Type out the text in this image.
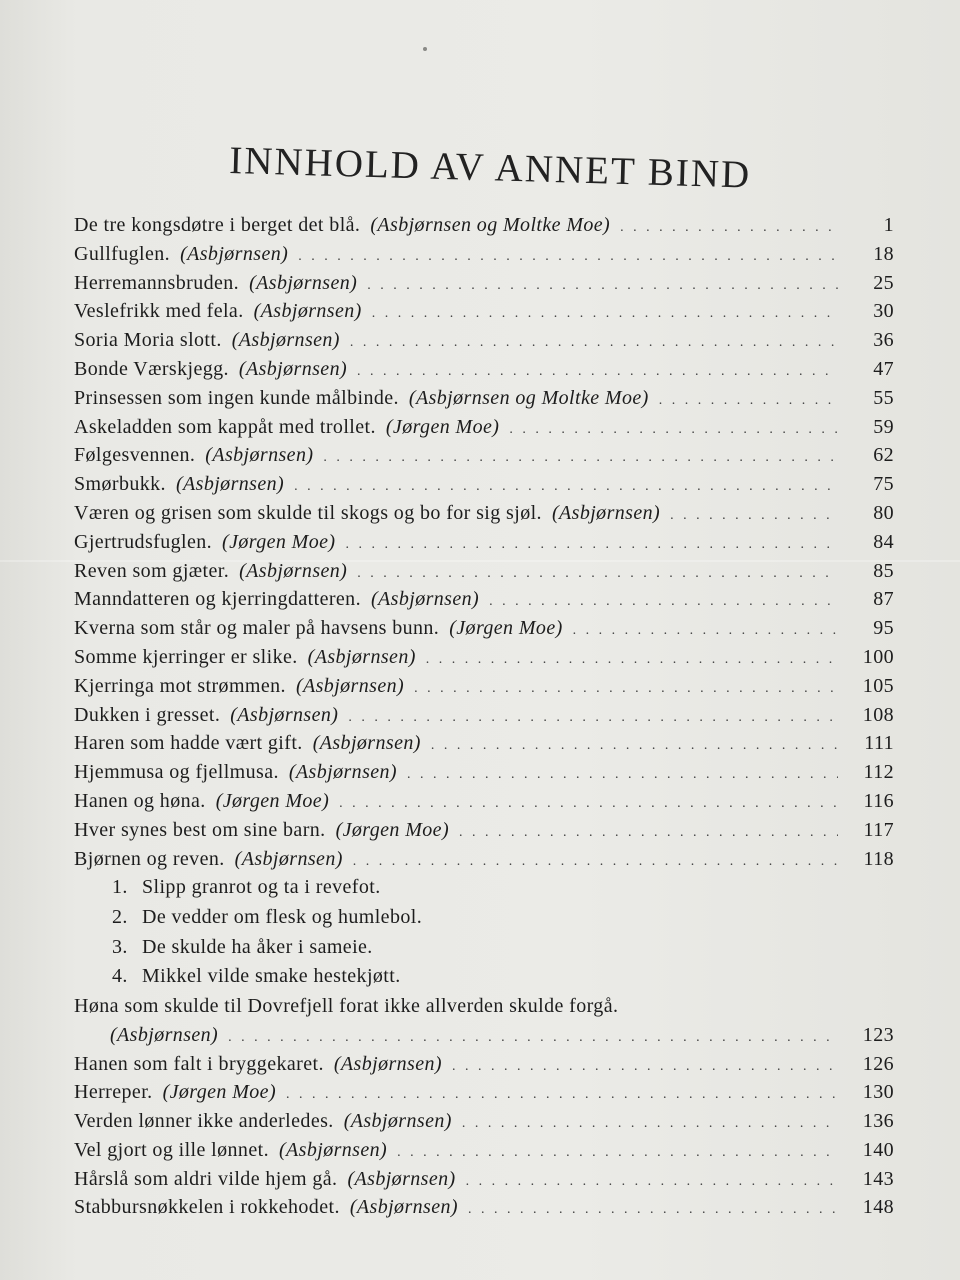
INNHOLD AV ANNET BIND
De tre kongsdøtre i berget det blå. (Asbjørnsen og Moltke Moe) . . .	1
Gullfuglen. (Asbjørnsen) . . .	18
Herremannsbruden. (Asbjørnsen) . . .	25
Veslefrikk med fela. (Asbjørnsen) . . .	30
Soria Moria slott. (Asbjørnsen) . . .	36
Bonde Værskjegg. (Asbjørnsen) . . .	47
Prinsessen som ingen kunde målbinde. (Asbjørnsen og Moltke Moe) . . .	55
Askeladden som kappåt med trollet. (Jørgen Moe) . . .	59
Følgesvennen. (Asbjørnsen) . . .	62
Smørbukk. (Asbjørnsen) . . .	75
Væren og grisen som skulde til skogs og bo for sig sjøl. (Asbjørnsen) . . .	80
Gjertrudsfuglen. (Jørgen Moe) . . .	84
Reven som gjæter. (Asbjørnsen) . . .	85
Manndatteren og kjerringdatteren. (Asbjørnsen) . . .	87
Kverna som står og maler på havsens bunn. (Jørgen Moe) . . .	95
Somme kjerringer er slike. (Asbjørnsen) . . .	100
Kjerringa mot strømmen. (Asbjørnsen) . . .	105
Dukken i gresset. (Asbjørnsen) . . .	108
Haren som hadde vært gift. (Asbjørnsen) . . .	111
Hjemmusa og fjellmusa. (Asbjørnsen) . . .	112
Hanen og høna. (Jørgen Moe) . . .	116
Hver synes best om sine barn. (Jørgen Moe) . . .	117
Bjørnen og reven. (Asbjørnsen) . . .	118
1. Slipp granrot og ta i revefot.
2. De vedder om flesk og humlebol.
3. De skulde ha åker i sameie.
4. Mikkel vilde smake hestekjøtt.
Høna som skulde til Dovrefjell forat ikke allverden skulde forgå.
(Asbjørnsen) . . .	123
Hanen som falt i bryggekaret. (Asbjørnsen) . . .	126
Herreper. (Jørgen Moe) . . .	130
Verden lønner ikke anderledes. (Asbjørnsen) . . .	136
Vel gjort og ille lønnet. (Asbjørnsen) . . .	140
Hårslå som aldri vilde hjem gå. (Asbjørnsen) . . .	143
Stabbursnøkkelen i rokkehodet. (Asbjørnsen) . . .	148
